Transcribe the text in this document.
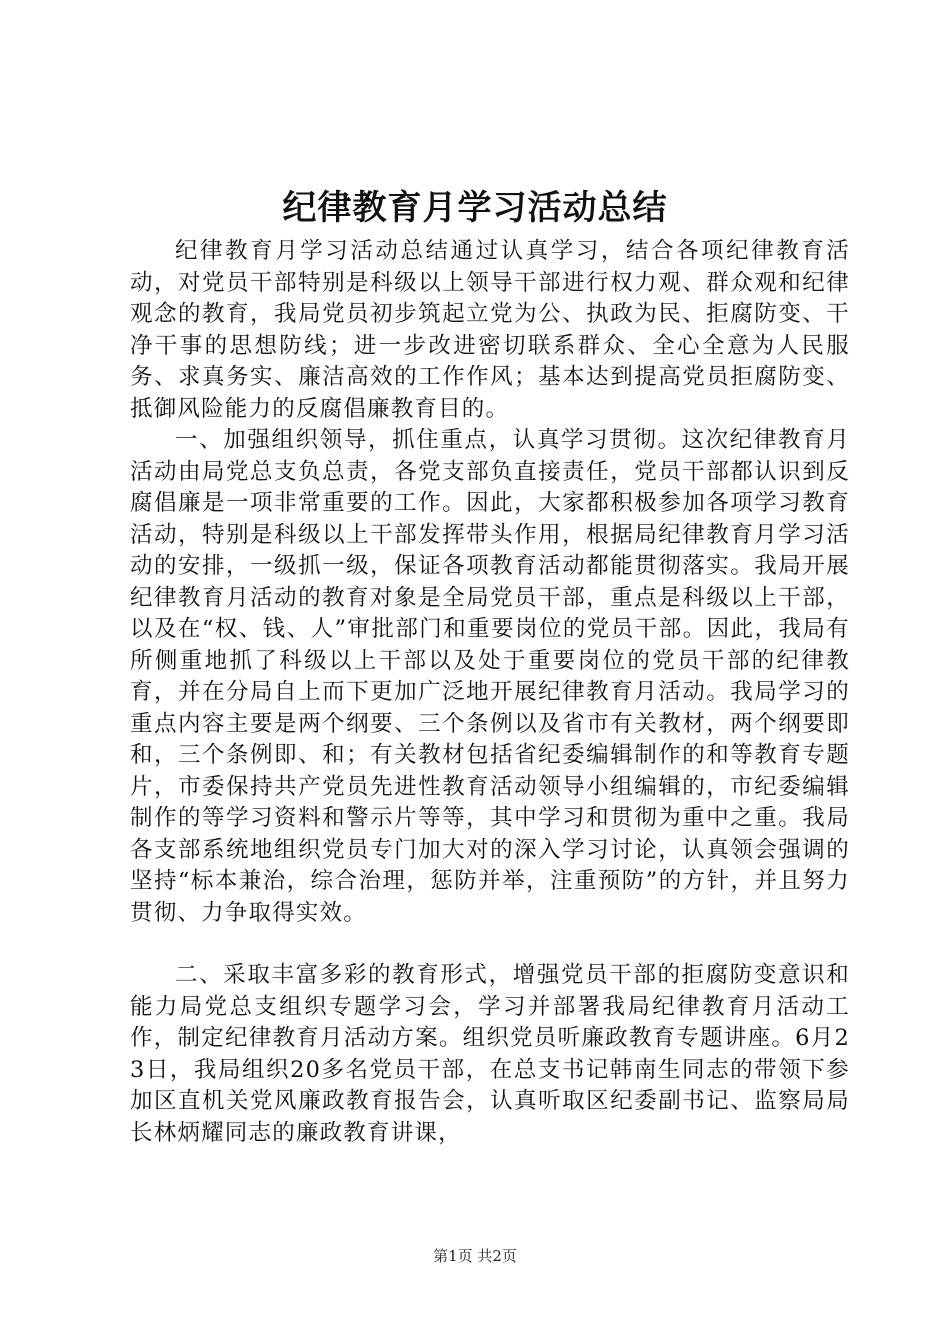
纪律教育月学习活动总结

纪律教育月学习活动总结通过认真学习，结合各项纪律教育活动，对党员干部特别是科级以上领导干部进行权力观、群众观和纪律观念的教育，我局党员初步筑起立党为公、执政为民、拒腐防变、干净干事的思想防线；进一步改进密切联系群众、全心全意为人民服务、求真务实、廉洁高效的工作作风；基本达到提高党员拒腐防变、抵御风险能力的反腐倡廉教育目的。

一、加强组织领导，抓住重点，认真学习贯彻。这次纪律教育月活动由局党总支负总责，各党支部负直接责任，党员干部都认识到反腐倡廉是一项非常重要的工作。因此，大家都积极参加各项学习教育活动，特别是科级以上干部发挥带头作用，根据局纪律教育月学习活动的安排，一级抓一级，保证各项教育活动都能贯彻落实。我局开展纪律教育月活动的教育对象是全局党员干部，重点是科级以上干部，以及在“权、钱、人”审批部门和重要岗位的党员干部。因此，我局有所侧重地抓了科级以上干部以及处于重要岗位的党员干部的纪律教育，并在分局自上而下更加广泛地开展纪律教育月活动。我局学习的重点内容主要是两个纲要、三个条例以及省市有关教材，两个纲要即和，三个条例即、和；有关教材包括省纪委编辑制作的和等教育专题片，市委保持共产党员先进性教育活动领导小组编辑的，市纪委编辑制作的等学习资料和警示片等等，其中学习和贯彻为重中之重。我局各支部系统地组织党员专门加大对的深入学习讨论，认真领会强调的坚持“标本兼治，综合治理，惩防并举，注重预防”的方针，并且努力贯彻、力争取得实效。

二、采取丰富多彩的教育形式，增强党员干部的拒腐防变意识和能力局党总支组织专题学习会，学习并部署我局纪律教育月活动工作，制定纪律教育月活动方案。组织党员听廉政教育专题讲座。6月23日，我局组织20多名党员干部，在总支书记韩南生同志的带领下参加区直机关党风廉政教育报告会，认真听取区纪委副书记、监察局局长林炳耀同志的廉政教育讲课，

第1页 共2页
